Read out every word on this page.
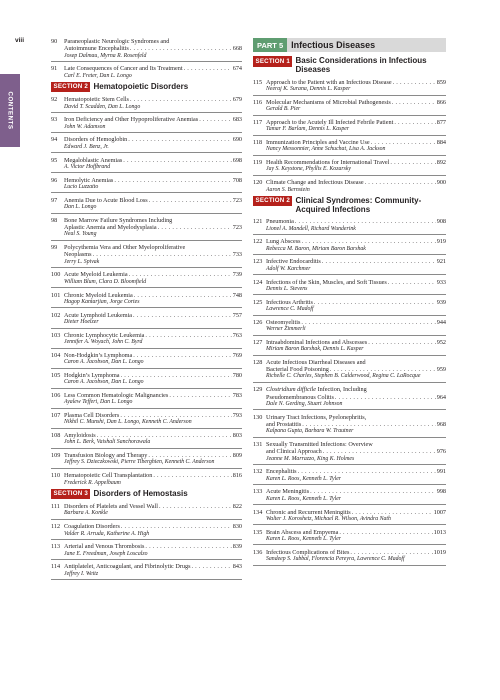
viii
CONTENTS
90	Paraneoplastic Neurologic Syndromes and
Autoimmune Encephalitis . . .	668
Josep Dalmau, Myrna R. Rosenfeld
91	Late Consequences of Cancer and Its Treatment . . .	674
Carl E. Freter, Dan L. Longo
SECTION 2 Hematopoietic Disorders
92	Hematopoietic Stem Cells . . .	679
David T. Scadden, Dan L. Longo
93	Iron Deficiency and Other Hypoproliferative Anemias . . .	683
John W. Adamson
94	Disorders of Hemoglobin . . .	690
Edward J. Benz, Jr.
95	Megaloblastic Anemias . . .	698
A. Victor Hoffbrand
96	Hemolytic Anemias . . .	708
Lucio Luzzatto
97	Anemia Due to Acute Blood Loss . . .	723
Dan L. Longo
98	Bone Marrow Failure Syndromes Including
Aplastic Anemia and Myelodysplasia . . .	723
Neal S. Young
99	Polycythemia Vera and Other Myeloproliferative
Neoplasms . . .	733
Jerry L. Spivak
100 Acute Myeloid Leukemia . . .	739
William Blum, Clara D. Bloomfield
101 Chronic Myeloid Leukemia . . .	748
Hagop Kantarjian, Jorge Cortes
102 Acute Lymphoid Leukemia . . .	757
Dieter Hoelzer
103 Chronic Lymphocytic Leukemia . . .	763
Jennifer A. Woyach, John C. Byrd
104 Non-Hodgkin’s Lymphoma . . .	769
Caron A. Jacobson, Dan L. Longo
105 Hodgkin’s Lymphoma . . .	780
Caron A. Jacobson, Dan L. Longo
106 Less Common Hematologic Malignancies . . .	783
Ayalew Tefferi, Dan L. Longo
107 Plasma Cell Disorders . . .	793
Nikhil C. Munshi, Dan L. Longo, Kenneth C. Anderson
108 Amyloidosis . . .	803
John L. Berk, Vaishali Sanchorawala
109 Transfusion Biology and Therapy . . .	809
Jeffrey S. Dzieczkowski, Pierre Tiberghien, Kenneth C. Anderson
110 Hematopoietic Cell Transplantation . . .	816
Frederick R. Appelbaum
SECTION 3 Disorders of Hemostasis
111 Disorders of Platelets and Vessel Wall . . .	822
Barbara A. Konkle
112 Coagulation Disorders . . .	830
Valder R. Arruda, Katherine A. High
113 Arterial and Venous Thrombosis . . .	839
Jane E. Freedman, Joseph Loscalzo
114 Antiplatelet, Anticoagulant, and Fibrinolytic Drugs . . .	843
Jeffrey I. Weitz
PART 5 Infectious Diseases
SECTION 1 Basic Considerations in Infectious Diseases
115 Approach to the Patient with an Infectious Disease . . .	859
Neeraj K. Surana, Dennis L. Kasper
116 Molecular Mechanisms of Microbial Pathogenesis . . .	866
Gerald B. Pier
117 Approach to the Acutely Ill Infected Febrile Patient . . .	877
Tamar F. Barlam, Dennis L. Kasper
118 Immunization Principles and Vaccine Use . . .	884
Nancy Messonnier, Anne Schuchat, Lisa A. Jackson
119 Health Recommendations for International Travel . . .	892
Jay S. Keystone, Phyllis E. Kozarsky
120 Climate Change and Infectious Disease . . .	900
Aaron S. Bernstein
SECTION 2 Clinical Syndromes: Community-Acquired Infections
121 Pneumonia . . .	908
Lionel A. Mandell, Richard Wunderink
122 Lung Abscess . . .	919
Rebecca M. Baron, Miriam Baron Barshak
123 Infective Endocarditis . . .	921
Adolf W. Karchmer
124 Infections of the Skin, Muscles, and Soft Tissues . . .	933
Dennis L. Stevens
125 Infectious Arthritis . . .	939
Lawrence C. Madoff
126 Osteomyelitis . . .	944
Werner Zimmerli
127 Intraabdominal Infections and Abscesses . . .	952
Miriam Baron Barshak, Dennis L. Kasper
128 Acute Infectious Diarrheal Diseases and
Bacterial Food Poisoning . . .	959
Richelle C. Charles, Stephen B. Calderwood, Regina C. LaRocque
129 Clostridium difficile Infection, Including
Pseudomembranous Colitis . . .	964
Dale N. Gerding, Stuart Johnson
130 Urinary Tract Infections, Pyelonephritis,
and Prostatitis . . .	968
Kalpana Gupta, Barbara W. Trautner
131 Sexually Transmitted Infections: Overview
and Clinical Approach . . .	976
Jeanne M. Marrazzo, King K. Holmes
132 Encephalitis . . .	991
Karen L. Roos, Kenneth L. Tyler
133 Acute Meningitis . . .	998
Karen L. Roos, Kenneth L. Tyler
134 Chronic and Recurrent Meningitis . . .	1007
Walter J. Koroshetz, Michael R. Wilson, Avindra Nath
135 Brain Abscess and Empyema . . .	1013
Karen L. Roos, Kenneth L. Tyler
136 Infectious Complications of Bites . . .	1019
Sandeep S. Jubbal, Florencia Pereyra, Lawrence C. Madoff
